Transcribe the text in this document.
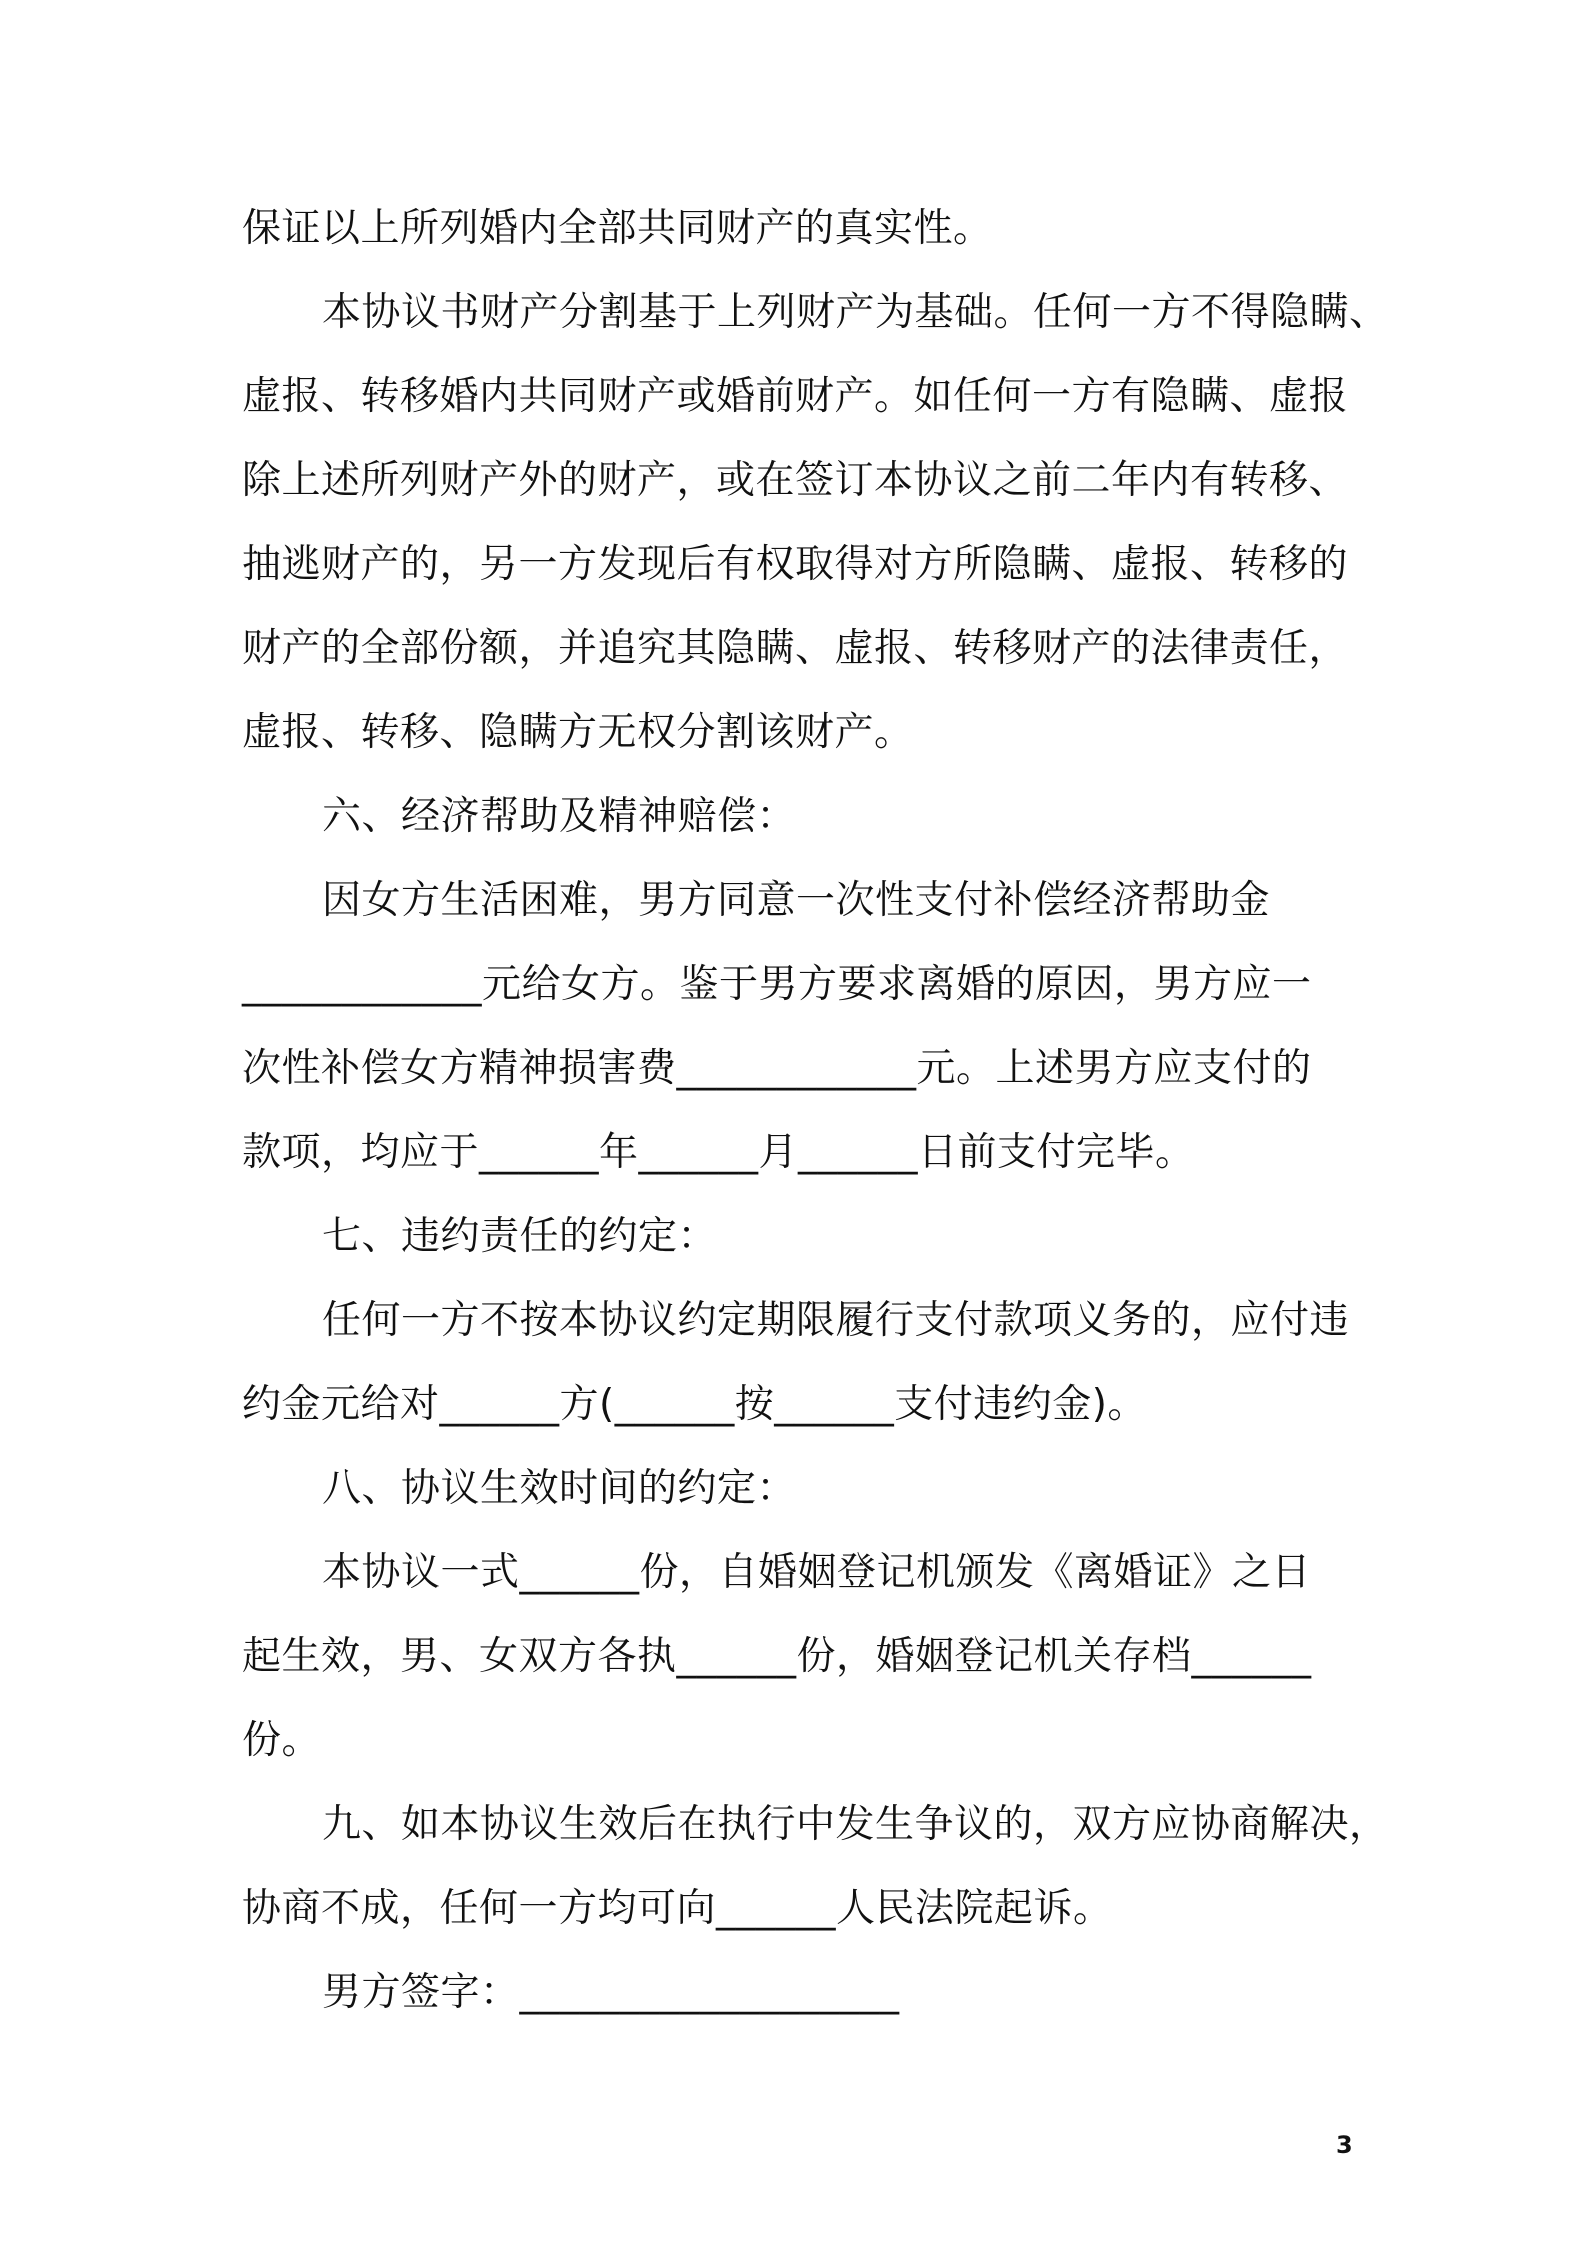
保证以上所列婚内全部共同财产的真实性。
本协议书财产分割基于上列财产为基础。任何一方不得隐瞒、
虚报、转移婚内共同财产或婚前财产。如任何一方有隐瞒、虚报
除上述所列财产外的财产，或在签订本协议之前二年内有转移、
抽逃财产的，另一方发现后有权取得对方所隐瞒、虚报、转移的
财产的全部份额，并追究其隐瞒、虚报、转移财产的法律责任，
虚报、转移、隐瞒方无权分割该财产。
六、经济帮助及精神赔偿：
因女方生活困难，男方同意一次性支付补偿经济帮助金
____________元给女方。鉴于男方要求离婚的原因，男方应一
次性补偿女方精神损害费____________元。上述男方应支付的
款项，均应于______年______月______日前支付完毕。
七、违约责任的约定：
任何一方不按本协议约定期限履行支付款项义务的，应付违
约金元给对______方(______按______支付违约金)。
八、协议生效时间的约定：
本协议一式______份，自婚姻登记机颁发《离婚证》之日
起生效，男、女双方各执______份，婚姻登记机关存档______
份。
九、如本协议生效后在执行中发生争议的，双方应协商解决，
协商不成，任何一方均可向______人民法院起诉。
男方签字：___________________
3
